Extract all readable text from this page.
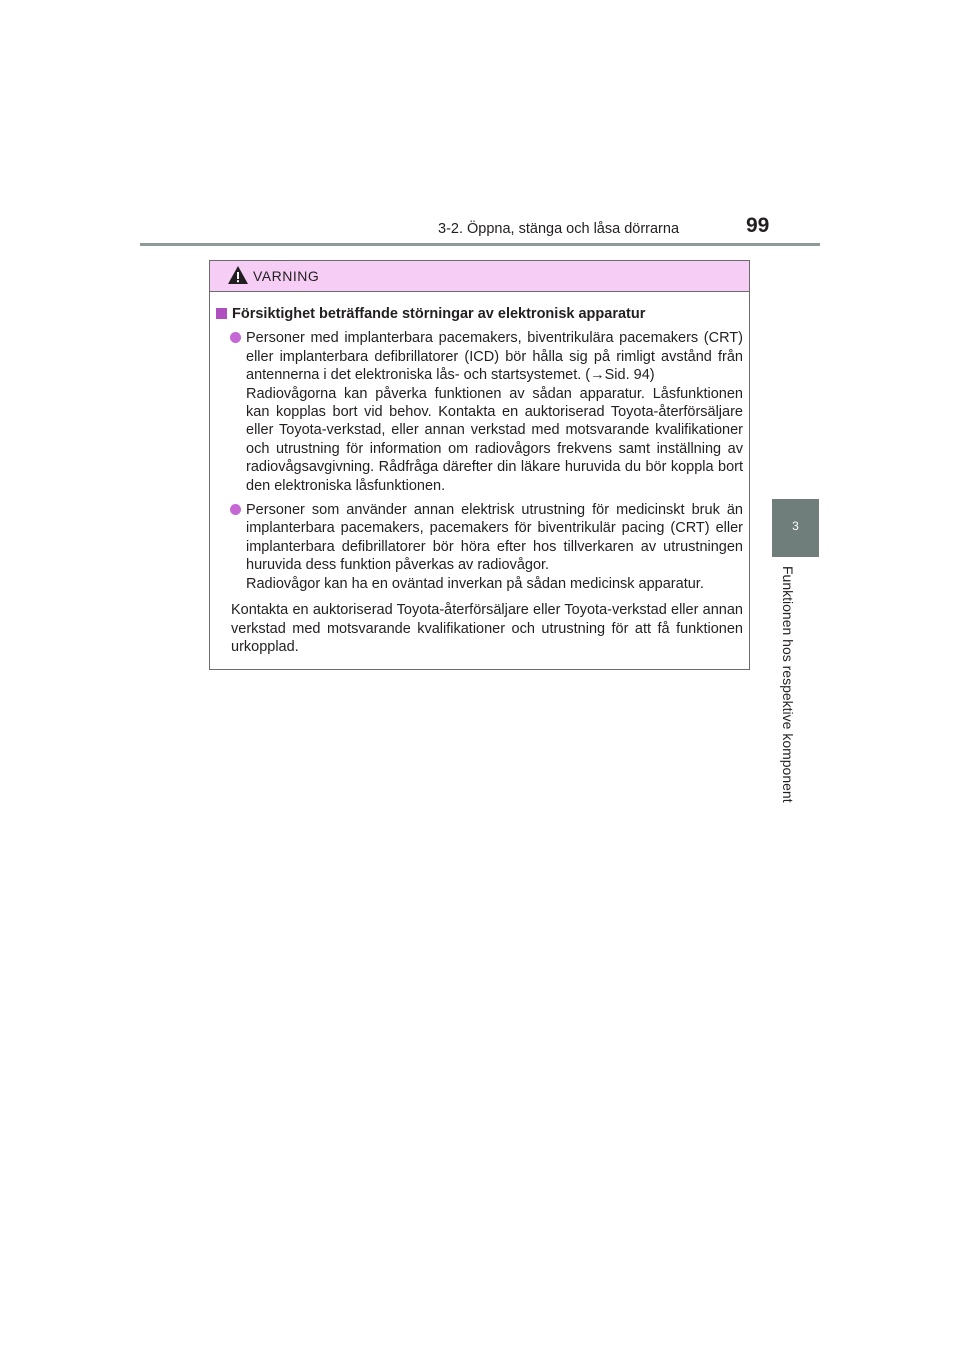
3-2. Öppna, stänga och låsa dörrarna	99
3
Funktionen hos respektive komponent
VARNING
Försiktighet beträffande störningar av elektronisk apparatur
Personer med implanterbara pacemakers, biventrikulära pacemakers (CRT) eller implanterbara defibrillatorer (ICD) bör hålla sig på rimligt avstånd från antennerna i det elektroniska lås- och startsystemet. (→Sid. 94)
Radiovågorna kan påverka funktionen av sådan apparatur. Låsfunktionen kan kopplas bort vid behov. Kontakta en auktoriserad Toyota-återförsäljare eller Toyota-verkstad, eller annan verkstad med motsvarande kvalifikationer och utrustning för information om radiovågors frekvens samt inställning av radiovågsavgivning. Rådfråga därefter din läkare huruvida du bör koppla bort den elektroniska låsfunktionen.
Personer som använder annan elektrisk utrustning för medicinskt bruk än implanterbara pacemakers, pacemakers för biventrikulär pacing (CRT) eller implanterbara defibrillatorer bör höra efter hos tillverkaren av utrustningen huruvida dess funktion påverkas av radiovågor.
Radiovågor kan ha en oväntad inverkan på sådan medicinsk apparatur.
Kontakta en auktoriserad Toyota-återförsäljare eller Toyota-verkstad eller annan verkstad med motsvarande kvalifikationer och utrustning för att få funktionen urkopplad.
